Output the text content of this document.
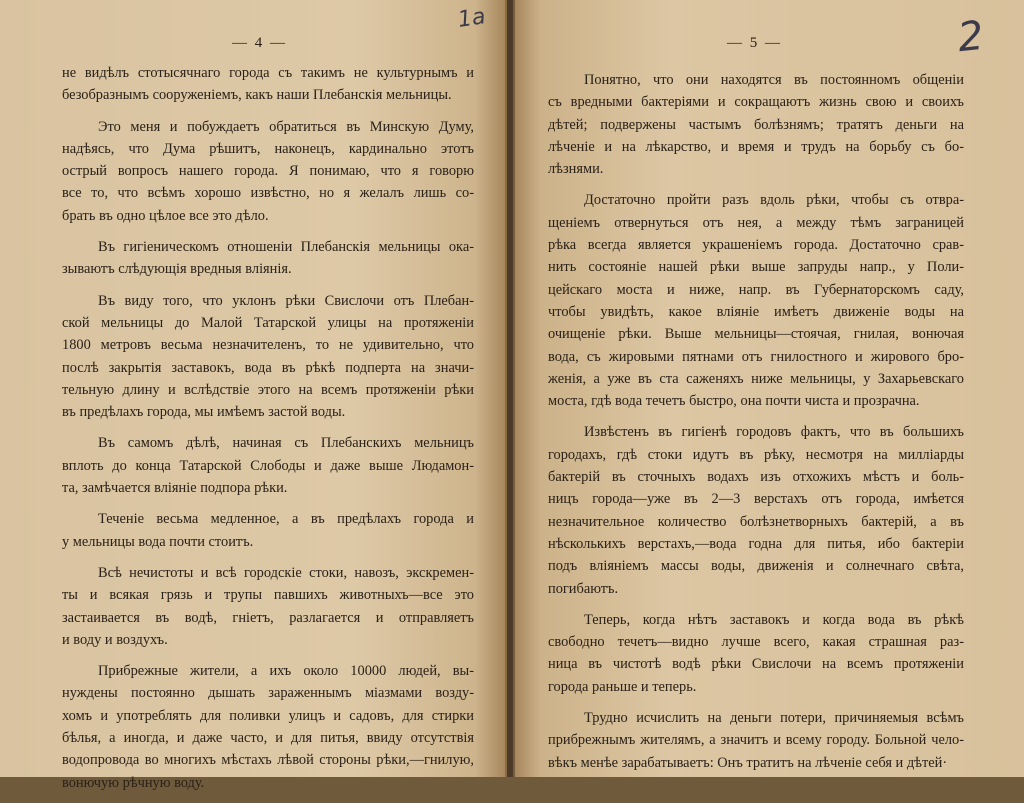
— 4 —
не видѣлъ стотысячнаго города съ такимъ не культурнымъ и
безобразнымъ сооруженіемъ, какъ наши Плебанскія мельницы.
Это меня и побуждаетъ обратиться въ Минскую Думу,
надѣясь, что Дума рѣшитъ, наконецъ, кардинально этотъ
острый вопросъ нашего города. Я понимаю, что я говорю
все то, что всѣмъ хорошо извѣстно, но я желалъ лишь со-
брать въ одно цѣлое все это дѣло.
Въ гигіеническомъ отношеніи Плебанскія мельницы ока-
зываютъ слѣдующія вредныя вліянія.
Въ виду того, что уклонъ рѣки Свислочи отъ Плебан-
ской мельницы до Малой Татарской улицы на протяженіи
1800 метровъ весьма незначителенъ, то не удивительно, что
послѣ закрытія заставокъ, вода въ рѣкѣ подперта на значи-
тельную длину и вслѣдствіе этого на всемъ протяженіи рѣки
въ предѣлахъ города, мы имѣемъ застой воды.
Въ самомъ дѣлѣ, начиная съ Плебанскихъ мельницъ
вплоть до конца Татарской Слободы и даже выше Людамон-
та, замѣчается вліяніе подпора рѣки.
Теченіе весьма медленное, а въ предѣлахъ города и
у мельницы вода почти стоитъ.
Всѣ нечистоты и всѣ городскіе стоки, навозъ, экскремен-
ты и всякая грязь и трупы павшихъ животныхъ—все это
застаивается въ водѣ, гніетъ, разлагается и отправляетъ
и воду и воздухъ.
Прибрежные жители, а ихъ около 10000 людей, вы-
нуждены постоянно дышать зараженнымъ міазмами возду-
хомъ и употреблять для поливки улицъ и садовъ, для стирки
бѣлья, а иногда, и даже часто, и для питья, ввиду отсутствія
водопровода во многихъ мѣстахъ лѣвой стороны рѣки,—гнилую,
вонючую рѣчную воду.
— 5 —
Понятно, что они находятся въ постоянномъ общеніи
съ вредными бактеріями и сокращаютъ жизнь свою и своихъ
дѣтей; подвержены частымъ болѣзнямъ; тратятъ деньги на
лѣченіе и на лѣкарство, и время и трудъ на борьбу съ бо-
лѣзнями.
Достаточно пройти разъ вдоль рѣки, чтобы съ отвра-
щеніемъ отвернуться отъ нея, а между тѣмъ заграницей
рѣка всегда является украшеніемъ города. Достаточно срав-
нить состояніе нашей рѣки выше запруды напр., у Поли-
цейскаго моста и ниже, напр. въ Губернаторскомъ саду,
чтобы увидѣть, какое вліяніе имѣетъ движеніе воды на
очищеніе рѣки. Выше мельницы—стоячая, гнилая, вонючая
вода, съ жировыми пятнами отъ гнилостного и жирового бро-
женія, а уже въ ста саженяхъ ниже мельницы, у Захарьевскаго
моста, гдѣ вода течетъ быстро, она почти чиста и прозрачна.
Извѣстенъ въ гигіенѣ городовъ фактъ, что въ большихъ
городахъ, гдѣ стоки идутъ въ рѣку, несмотря на милліарды
бактерій въ сточныхъ водахъ изъ отхожихъ мѣстъ и боль-
ницъ города—уже въ 2—3 верстахъ отъ города, имѣется
незначительное количество болѣзнетворныхъ бактерій, а въ
нѣсколькихъ верстахъ,—вода годна для питья, ибо бактеріи
подъ вліяніемъ массы воды, движенія и солнечнаго свѣта,
погибаютъ.
Теперь, когда нѣтъ заставокъ и когда вода въ рѣкѣ
свободно течетъ—видно лучше всего, какая страшная раз-
ница въ чистотѣ водѣ рѣки Свислочи на всемъ протяженіи
города раньше и теперь.
Трудно исчислить на деньги потери, причиняемыя всѣмъ
прибрежнымъ жителямъ, а значитъ и всему городу. Больной чело-
вѣкъ менѣе зарабатываетъ: Онъ тратитъ на лѣченіе себя и дѣтей·
1a	2
